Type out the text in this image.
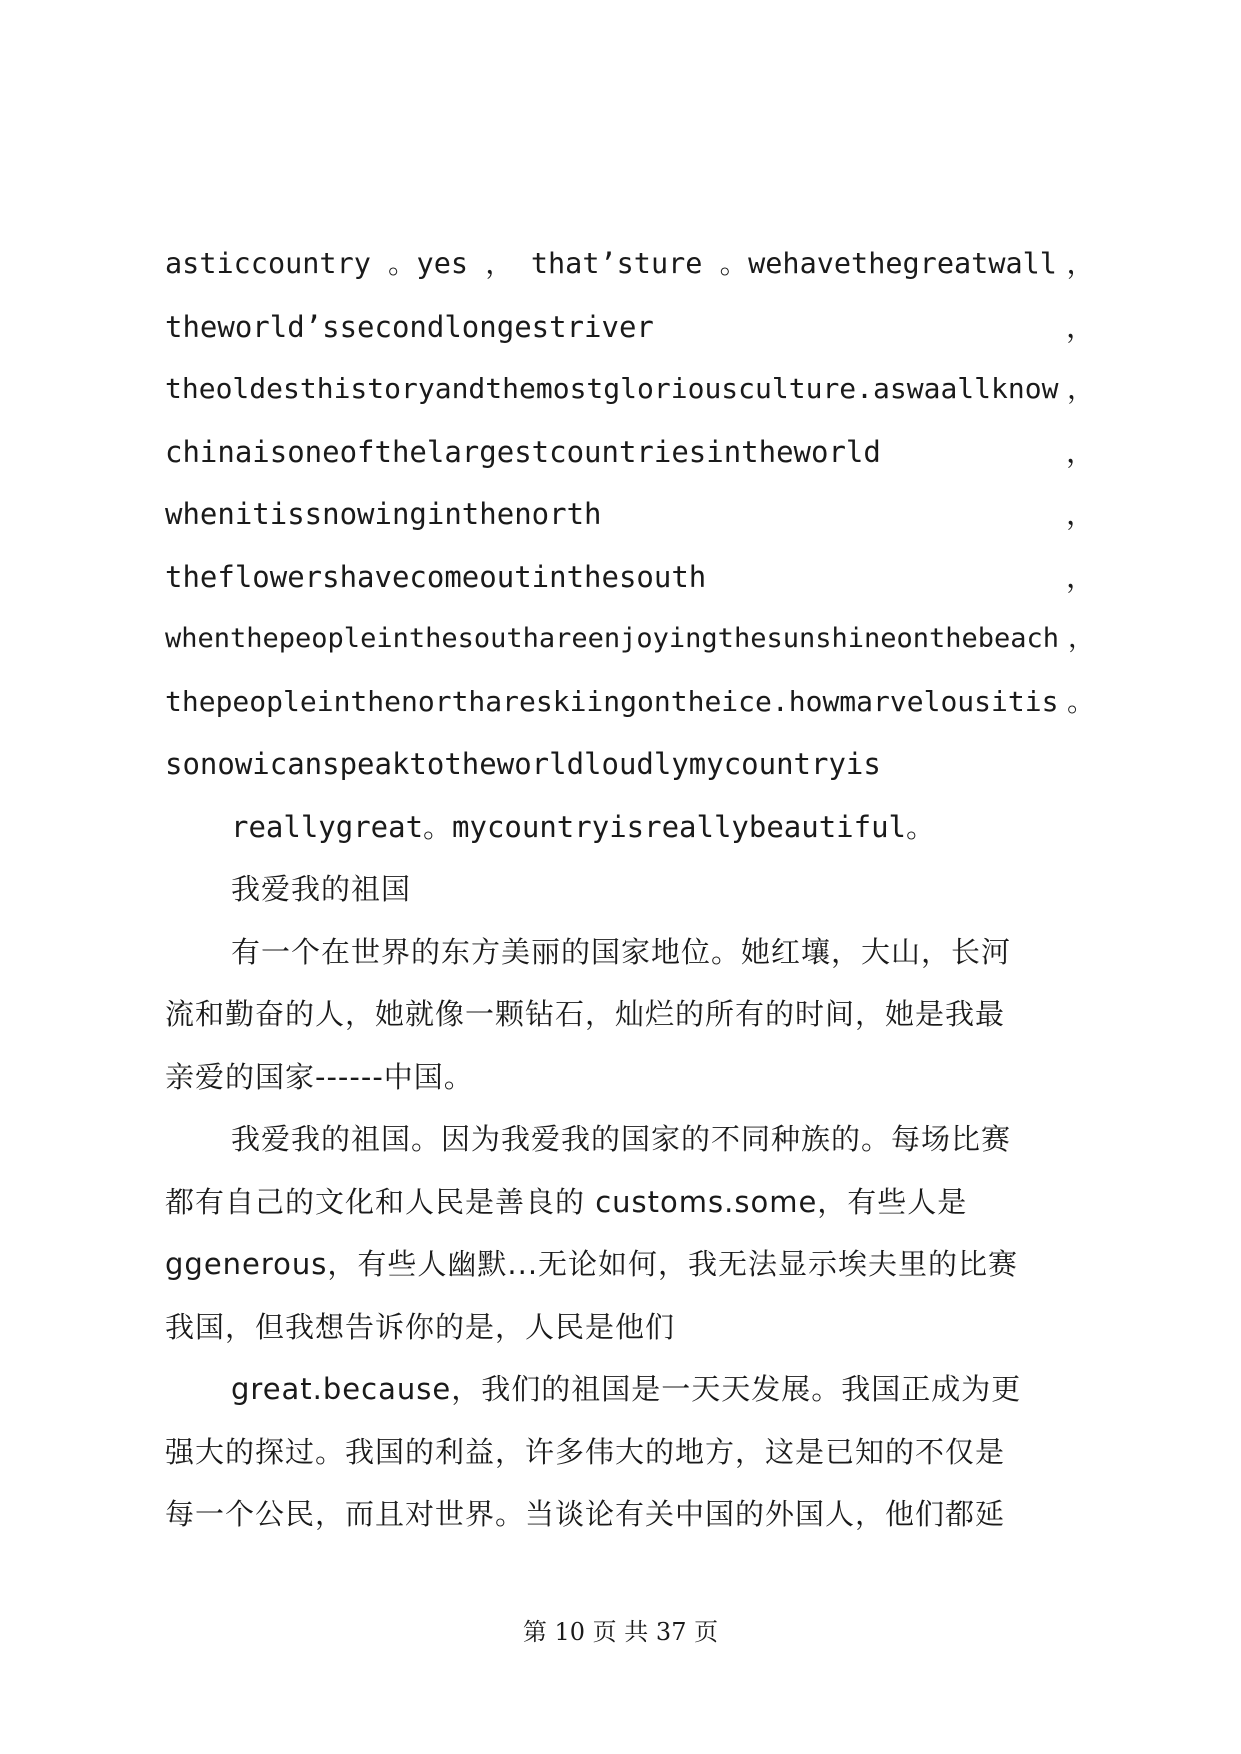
asticcountry 。yes ， that’sture 。wehavethegreatwall ，
theworld’ssecondlongestriver	，
theoldesthistoryandthemostgloriousculture.aswaallknow ，
chinaisoneofthelargestcountriesintheworld	，
whenitissnowinginthenorth	，
theflowershavecomeoutinthesouth	，
whenthepeopleinthesouthareenjoyingthesunshineonthebeach ，
thepeopleinthenorthareskiingontheice.howmarvelousitis 。
sonowicanspeaktotheworldloudlymycountryis
reallygreat。mycountryisreallybeautiful。
我爱我的祖国
有一个在世界的东方美丽的国家地位。她红壤，大山，长河
流和勤奋的人，她就像一颗钻石，灿烂的所有的时间，她是我最
亲爱的国家------中国。
我爱我的祖国。因为我爱我的国家的不同种族的。每场比赛
都有自己的文化和人民是善良的 customs.some，有些人是
ggenerous，有些人幽默...无论如何，我无法显示埃夫里的比赛
我国，但我想告诉你的是，人民是他们
great.because，我们的祖国是一天天发展。我国正成为更
强大的探过。我国的利益，许多伟大的地方，这是已知的不仅是
每一个公民，而且对世界。当谈论有关中国的外国人，他们都延
第 10 页 共 37 页
